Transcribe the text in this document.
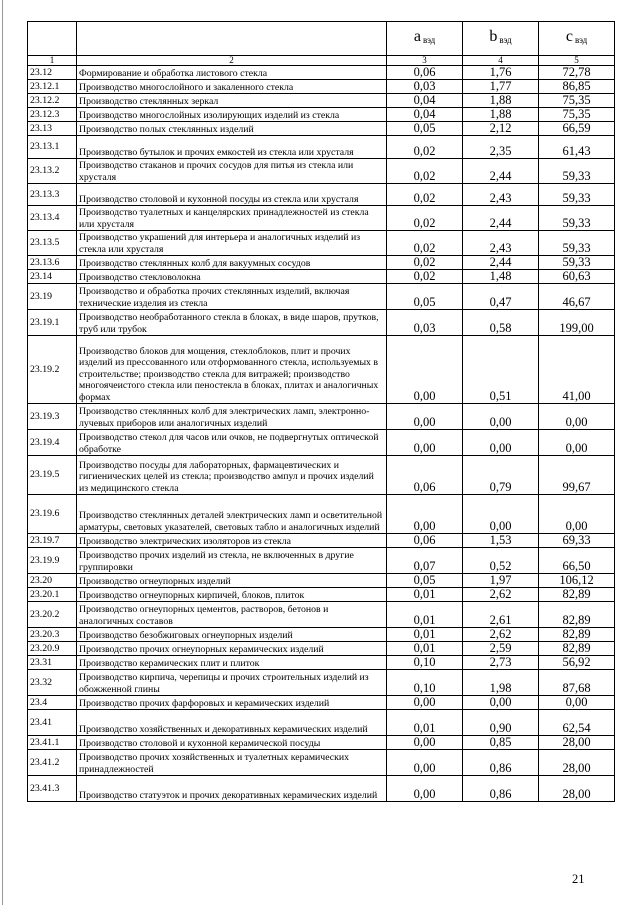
		a $_{вэд}$	b $_{вэд}$	c $_{вэд}$
1	2	3	4	5
23.12	Формирование и обработка листового стекла	0,06	1,76	72,78
23.12.1	Производство многослойного и закаленного стекла	0,03	1,77	86,85
23.12.2	Производство стеклянных зеркал	0,04	1,88	75,35
23.12.3	Производство многослойных изолирующих изделий из стекла	0,04	1,88	75,35
23.13	Производство полых стеклянных изделий	0,05	2,12	66,59
23.13.1	Производство бутылок и прочих емкостей из стекла или хрусталя	0,02	2,35	61,43
23.13.2	Производство стаканов и прочих сосудов для питья из стекла или хрусталя	0,02	2,44	59,33
23.13.3	Производство столовой и кухонной посуды из стекла или хрусталя	0,02	2,43	59,33
23.13.4	Производство туалетных и канцелярских принадлежностей из стекла или хрусталя	0,02	2,44	59,33
23.13.5	Производство украшений для интерьера и аналогичных изделий из стекла или хрусталя	0,02	2,43	59,33
23.13.6	Производство стеклянных колб для вакуумных сосудов	0,02	2,44	59,33
23.14	Производство стекловолокна	0,02	1,48	60,63
23.19	Производство и обработка прочих стеклянных изделий, включая технические изделия из стекла	0,05	0,47	46,67
23.19.1	Производство необработанного стекла в блоках, в виде шаров, прутков, труб или трубок	0,03	0,58	199,00
23.19.2	Производство блоков для мощения, стеклоблоков, плит и прочих изделий из прессованного или отформованного стекла, используемых в строительстве; производство стекла для витражей; производство многоячеистого стекла или пеностекла в блоках, плитах и аналогичных формах	0,00	0,51	41,00
23.19.3	Производство стеклянных колб для электрических ламп, электронно-лучевых приборов или аналогичных изделий	0,00	0,00	0,00
23.19.4	Производство стекол для часов или очков, не подвергнутых оптической обработке	0,00	0,00	0,00
23.19.5	Производство посуды для лабораторных, фармацевтических и гигиенических целей из стекла; производство ампул и прочих изделий из медицинского стекла	0,06	0,79	99,67
23.19.6	Производство стеклянных деталей электрических ламп и осветительной арматуры, световых указателей, световых табло и аналогичных изделий	0,00	0,00	0,00
23.19.7	Производство электрических изоляторов из стекла	0,06	1,53	69,33
23.19.9	Производство прочих изделий из стекла, не включенных в другие группировки	0,07	0,52	66,50
23.20	Производство огнеупорных изделий	0,05	1,97	106,12
23.20.1	Производство огнеупорных кирпичей, блоков, плиток	0,01	2,62	82,89
23.20.2	Производство огнеупорных цементов, растворов, бетонов и аналогичных составов	0,01	2,61	82,89
23.20.3	Производство безобжиговых огнеупорных изделий	0,01	2,62	82,89
23.20.9	Производство прочих огнеупорных керамических изделий	0,01	2,59	82,89
23.31	Производство керамических плит и плиток	0,10	2,73	56,92
23.32	Производство кирпича, черепицы и прочих строительных изделий из обожженной глины	0,10	1,98	87,68
23.4	Производство прочих фарфоровых и керамических изделий	0,00	0,00	0,00
23.41	Производство хозяйственных и декоративных керамических изделий	0,01	0,90	62,54
23.41.1	Производство столовой и кухонной керамической посуды	0,00	0,85	28,00
23.41.2	Производство прочих хозяйственных и туалетных керамических принадлежностей	0,00	0,86	28,00
23.41.3	Производство статуэток и прочих декоративных керамических изделий	0,00	0,86	28,00
21
